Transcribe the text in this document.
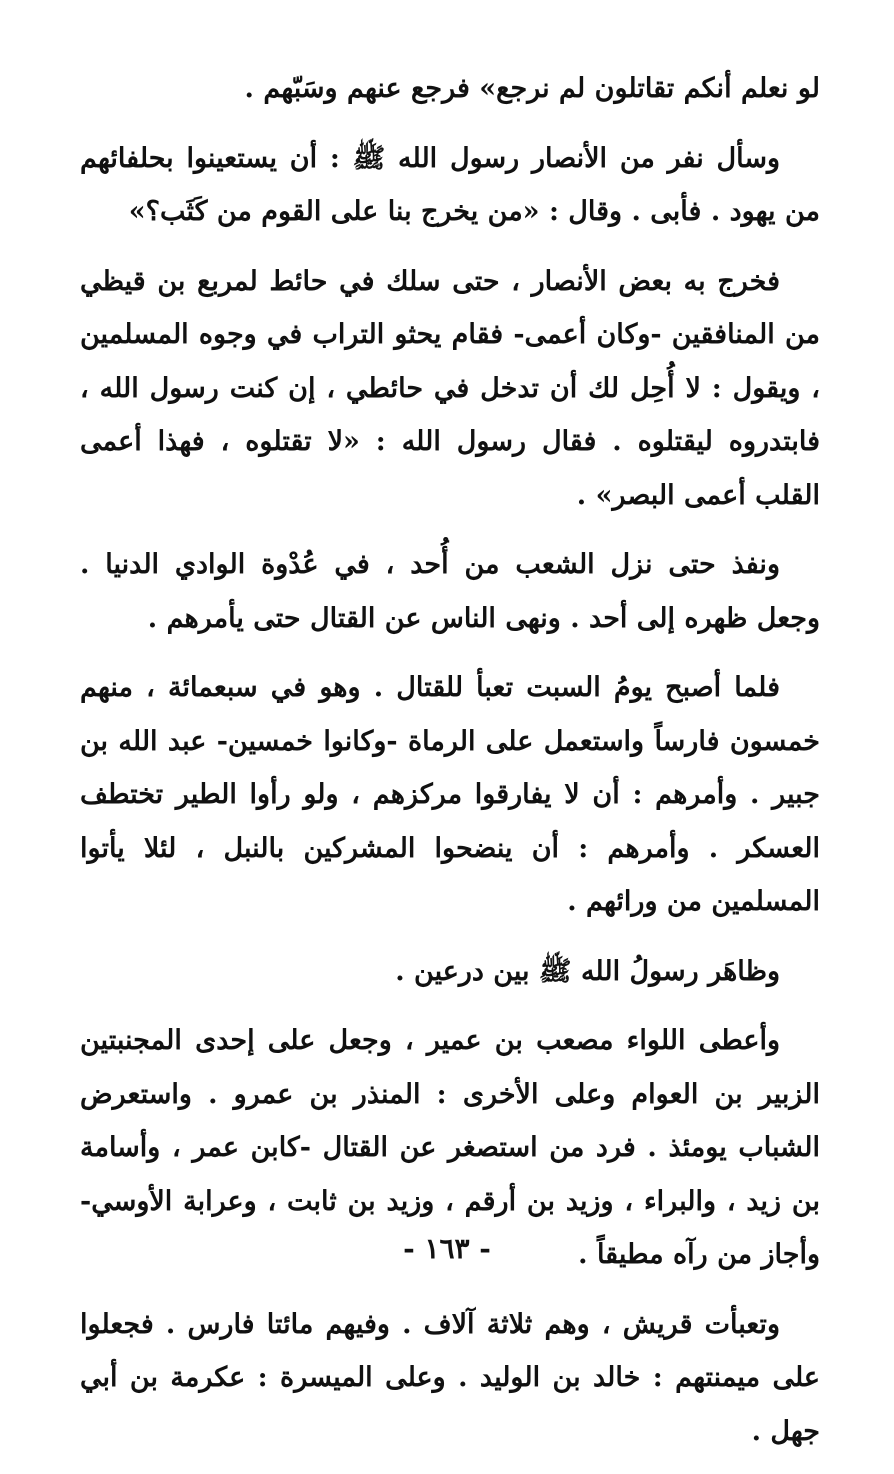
لو نعلم أنكم تقاتلون لم نرجع» فرجع عنهم وسَبّهم .

وسأل نفر من الأنصار رسول الله ﷺ : أن يستعينوا بحلفائهم من يهود . فأبى . وقال : «من يخرج بنا على القوم من كَثَب؟»

فخرج به بعض الأنصار ، حتى سلك في حائط لمربع بن قيظي من المنافقين -وكان أعمى- فقام يحثو التراب في وجوه المسلمين ، ويقول : لا أُحِل لك أن تدخل في حائطي ، إن كنت رسول الله ، فابتدروه ليقتلوه . فقال رسول الله : «لا تقتلوه ، فهذا أعمى القلب أعمى البصر» .

ونفذ حتى نزل الشعب من أُحد ، في عُدْوة الوادي الدنيا . وجعل ظهره إلى أحد . ونهى الناس عن القتال حتى يأمرهم .

فلما أصبح يومُ السبت تعبأ للقتال . وهو في سبعمائة ، منهم خمسون فارساً واستعمل على الرماة -وكانوا خمسين- عبد الله بن جبير . وأمرهم : أن لا يفارقوا مركزهم ، ولو رأوا الطير تختطف العسكر . وأمرهم : أن ينضحوا المشركين بالنبل ، لئلا يأتوا المسلمين من ورائهم .

وظاهَر رسولُ الله ﷺ بين درعين .

وأعطى اللواء مصعب بن عمير ، وجعل على إحدى المجنبتين الزبير بن العوام وعلى الأخرى : المنذر بن عمرو . واستعرض الشباب يومئذ . فرد من استصغر عن القتال -كابن عمر ، وأسامة بن زيد ، والبراء ، وزيد بن أرقم ، وزيد بن ثابت ، وعرابة الأوسي- وأجاز من رآه مطيقاً .

وتعبأت قريش ، وهم ثلاثة آلاف . وفيهم مائتا فارس . فجعلوا على ميمنتهم : خالد بن الوليد . وعلى الميسرة : عكرمة بن أبي جهل .

- ١٦٣ -
